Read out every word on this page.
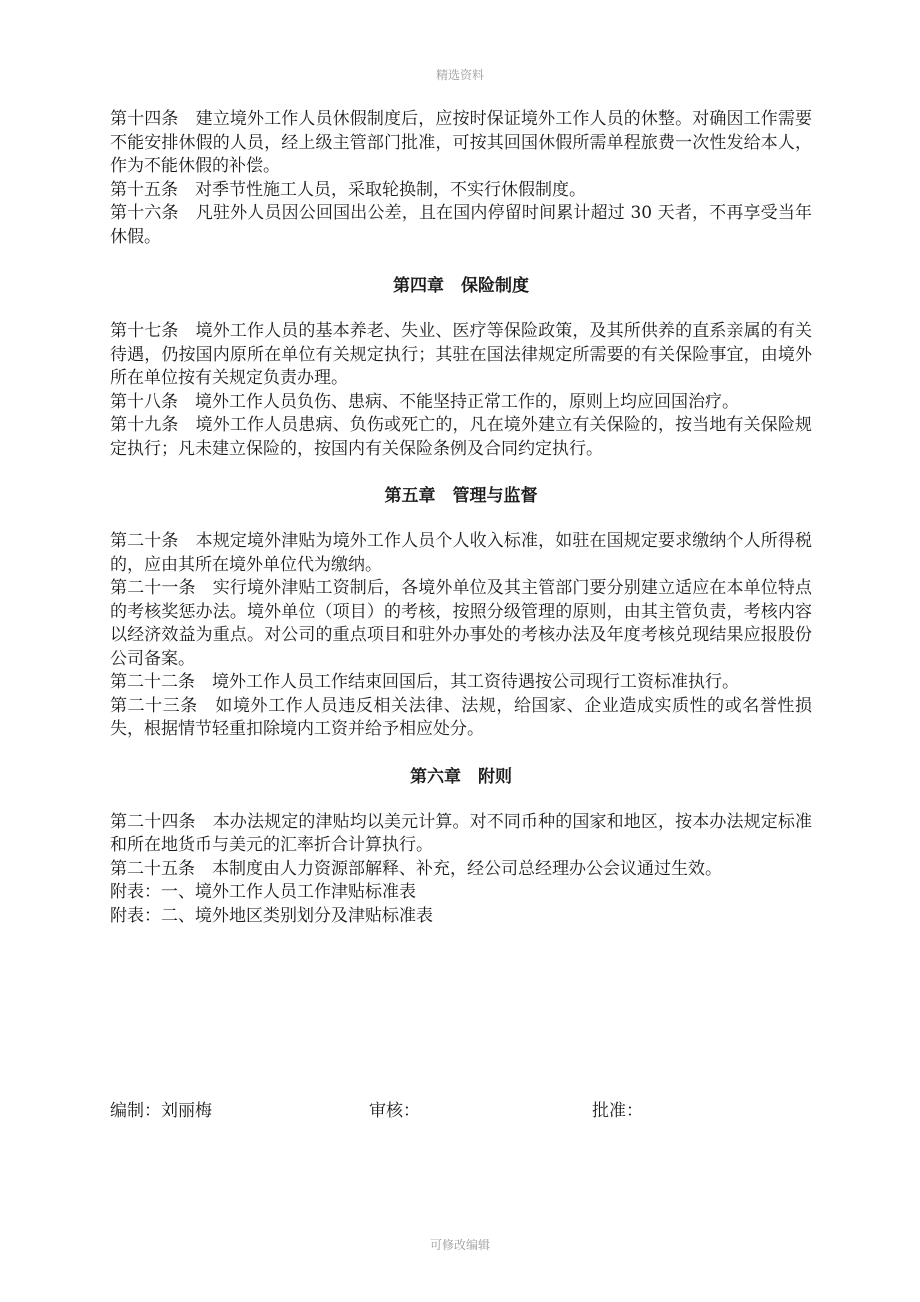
精选资料

第十四条　建立境外工作人员休假制度后，应按时保证境外工作人员的休整。对确因工作需要不能安排休假的人员，经上级主管部门批准，可按其回国休假所需单程旅费一次性发给本人，作为不能休假的补偿。

第十五条　对季节性施工人员，采取轮换制，不实行休假制度。

第十六条　凡驻外人员因公回国出公差，且在国内停留时间累计超过 30 天者，不再享受当年休假。

第四章　保险制度

第十七条　境外工作人员的基本养老、失业、医疗等保险政策，及其所供养的直系亲属的有关待遇，仍按国内原所在单位有关规定执行；其驻在国法律规定所需要的有关保险事宜，由境外所在单位按有关规定负责办理。

第十八条　境外工作人员负伤、患病、不能坚持正常工作的，原则上均应回国治疗。

第十九条　境外工作人员患病、负伤或死亡的，凡在境外建立有关保险的，按当地有关保险规定执行；凡未建立保险的，按国内有关保险条例及合同约定执行。

第五章　管理与监督

第二十条　本规定境外津贴为境外工作人员个人收入标准，如驻在国规定要求缴纳个人所得税的，应由其所在境外单位代为缴纳。

第二十一条　实行境外津贴工资制后，各境外单位及其主管部门要分别建立适应在本单位特点的考核奖惩办法。境外单位（项目）的考核，按照分级管理的原则，由其主管负责，考核内容以经济效益为重点。对公司的重点项目和驻外办事处的考核办法及年度考核兑现结果应报股份公司备案。

第二十二条　境外工作人员工作结束回国后，其工资待遇按公司现行工资标准执行。

第二十三条　如境外工作人员违反相关法律、法规，给国家、企业造成实质性的或名誉性损失，根据情节轻重扣除境内工资并给予相应处分。

第六章　附则

第二十四条　本办法规定的津贴均以美元计算。对不同币种的国家和地区，按本办法规定标准和所在地货币与美元的汇率折合计算执行。

第二十五条　本制度由人力资源部解释、补充，经公司总经理办公会议通过生效。

附表：一、境外工作人员工作津贴标准表

附表：二、境外地区类别划分及津贴标准表

编制：刘丽梅	审核：	批准：
可修改编辑
